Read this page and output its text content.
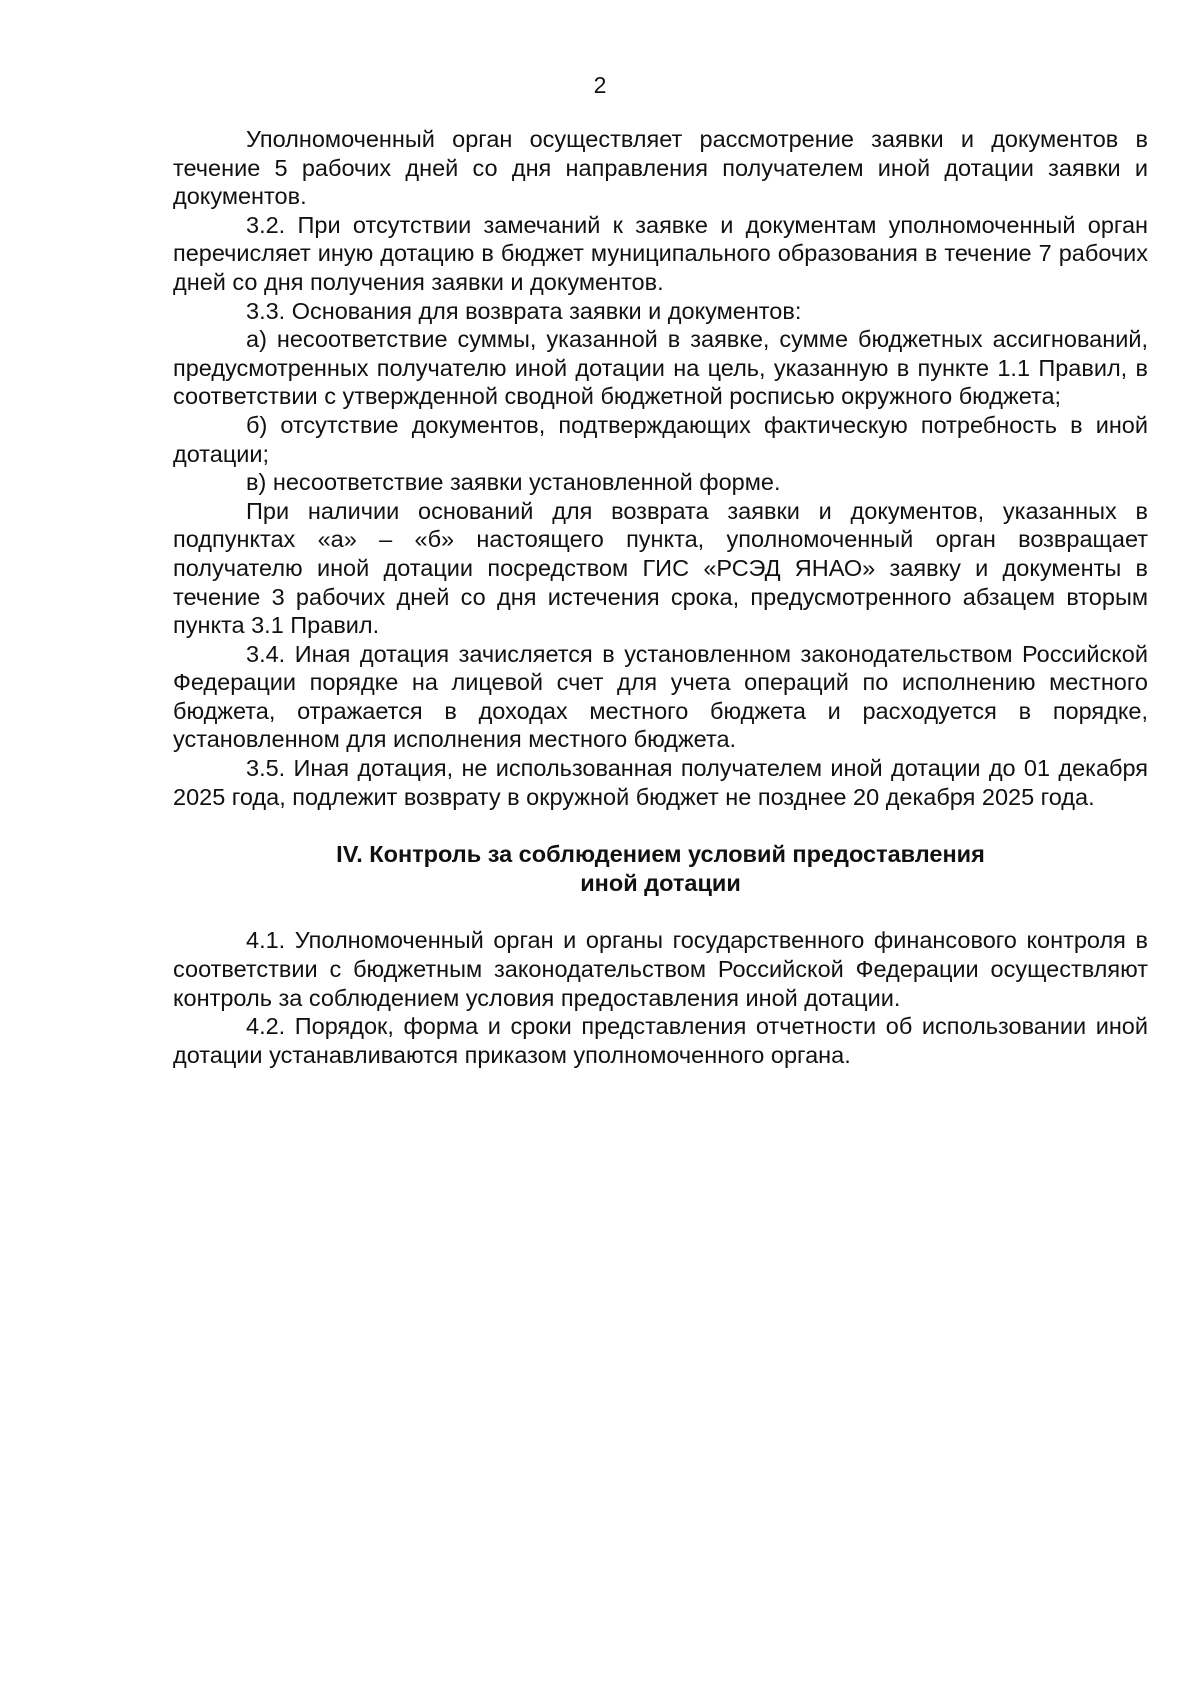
2

Уполномоченный орган осуществляет рассмотрение заявки и документов в течение 5 рабочих дней со дня направления получателем иной дотации заявки и документов.

3.2. При отсутствии замечаний к заявке и документам уполномоченный орган перечисляет иную дотацию в бюджет муниципального образования в течение 7 рабочих дней со дня получения заявки и документов.

3.3. Основания для возврата заявки и документов:

а) несоответствие суммы, указанной в заявке, сумме бюджетных ассигнований, предусмотренных получателю иной дотации на цель, указанную в пункте 1.1 Правил, в соответствии с утвержденной сводной бюджетной росписью окружного бюджета;

б) отсутствие документов, подтверждающих фактическую потребность в иной дотации;

в) несоответствие заявки установленной форме.

При наличии оснований для возврата заявки и документов, указанных в подпунктах «а» – «б» настоящего пункта, уполномоченный орган возвращает получателю иной дотации посредством ГИС «РСЭД ЯНАО» заявку и документы в течение 3 рабочих дней со дня истечения срока, предусмотренного абзацем вторым пункта 3.1 Правил.

3.4. Иная дотация зачисляется в установленном законодательством Российской Федерации порядке на лицевой счет для учета операций по исполнению местного бюджета, отражается в доходах местного бюджета и расходуется в порядке, установленном для исполнения местного бюджета.

3.5. Иная дотация, не использованная получателем иной дотации до 01 декабря 2025 года, подлежит возврату в окружной бюджет не позднее 20 декабря 2025 года.

IV. Контроль за соблюдением условий предоставления
иной дотации

4.1. Уполномоченный орган и органы государственного финансового контроля в соответствии с бюджетным законодательством Российской Федерации осуществляют контроль за соблюдением условия предоставления иной дотации.

4.2. Порядок, форма и сроки представления отчетности об использовании иной дотации устанавливаются приказом уполномоченного органа.
